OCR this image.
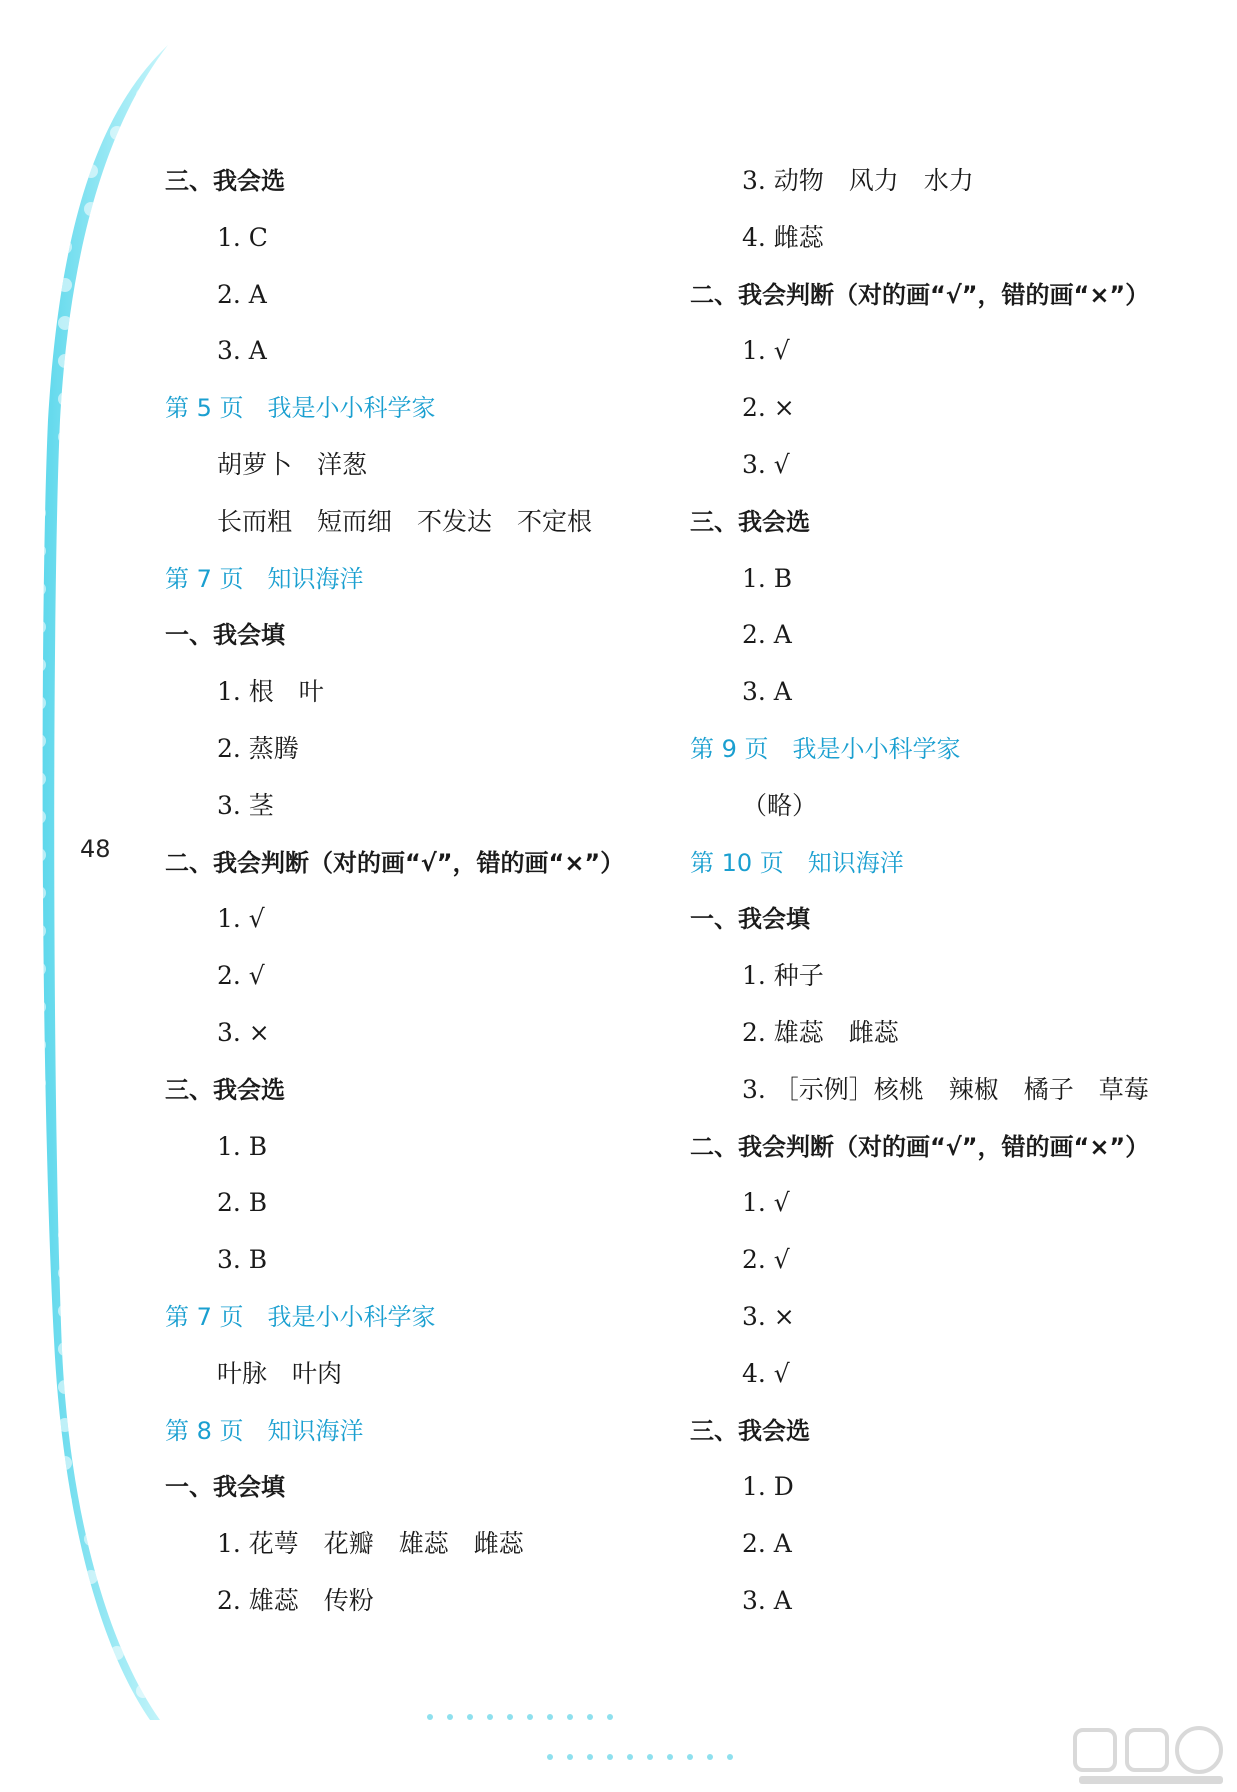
48
三、我会选
1. C
2. A
3. A
第 5 页　我是小小科学家
胡萝卜　洋葱
长而粗　短而细　不发达　不定根
第 7 页　知识海洋
一、我会填
1. 根　叶
2. 蒸腾
3. 茎
二、我会判断（对的画“√”，错的画“×”）
1. √
2. √
3. ×
三、我会选
1. B
2. B
3. B
第 7 页　我是小小科学家
叶脉　叶肉
第 8 页　知识海洋
一、我会填
1. 花萼　花瓣　雄蕊　雌蕊
2. 雄蕊　传粉
3. 动物　风力　水力
4. 雌蕊
二、我会判断（对的画“√”，错的画“×”）
1. √
2. ×
3. √
三、我会选
1. B
2. A
3. A
第 9 页　我是小小科学家
（略）
第 10 页　知识海洋
一、我会填
1. 种子
2. 雄蕊　雌蕊
3. ［示例］核桃　辣椒　橘子　草莓
二、我会判断（对的画“√”，错的画“×”）
1. √
2. √
3. ×
4. √
三、我会选
1. D
2. A
3. A
